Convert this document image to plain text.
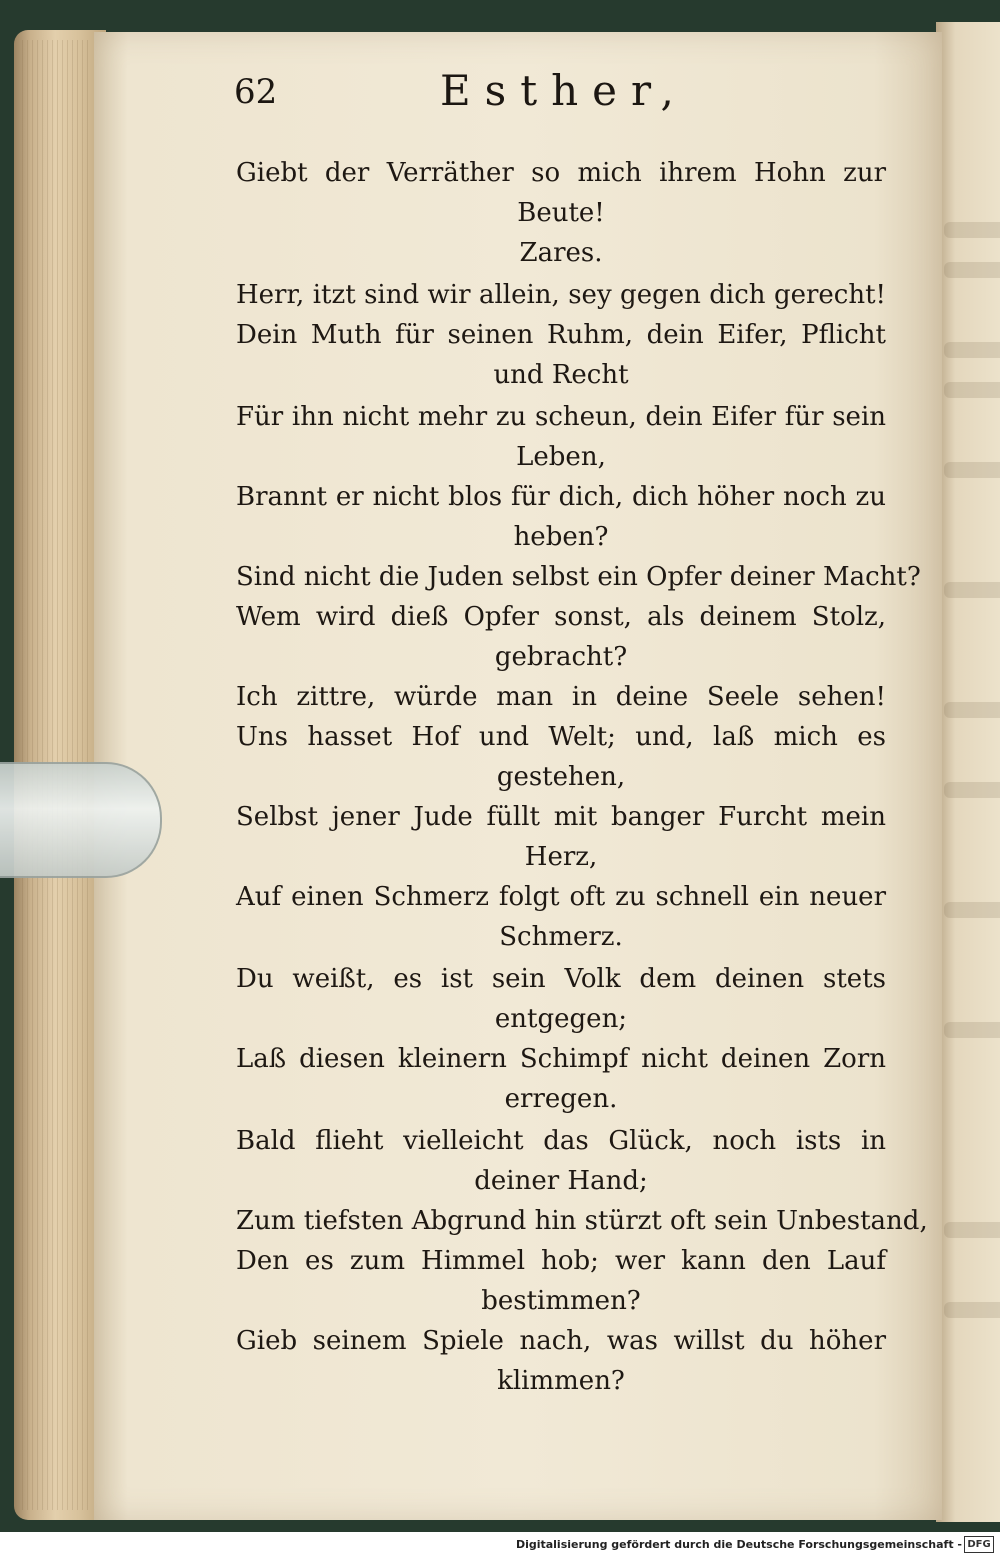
62	Esther,
Giebt der Verräther so mich ihrem Hohn zur
Beute!
Zares.
Herr, itzt sind wir allein, sey gegen dich gerecht!
Dein Muth für seinen Ruhm, dein Eifer, Pflicht
und Recht
Für ihn nicht mehr zu scheun, dein Eifer für sein
Leben,
Brannt er nicht blos für dich, dich höher noch zu
heben?
Sind nicht die Juden selbst ein Opfer deiner Macht?
Wem wird dieß Opfer sonst, als deinem Stolz,
gebracht?
Ich zittre, würde man in deine Seele sehen!
Uns hasset Hof und Welt; und, laß mich es
gestehen,
Selbst jener Jude füllt mit banger Furcht mein
Herz,
Auf einen Schmerz folgt oft zu schnell ein neuer
Schmerz.
Du weißt, es ist sein Volk dem deinen stets
entgegen;
Laß diesen kleinern Schimpf nicht deinen Zorn
erregen.
Bald flieht vielleicht das Glück, noch ists in
deiner Hand;
Zum tiefsten Abgrund hin stürzt oft sein Unbestand,
Den es zum Himmel hob; wer kann den Lauf
bestimmen?
Gieb seinem Spiele nach, was willst du höher
klimmen?
Digitalisierung gefördert durch die Deutsche Forschungsgemeinschaft - DFG
